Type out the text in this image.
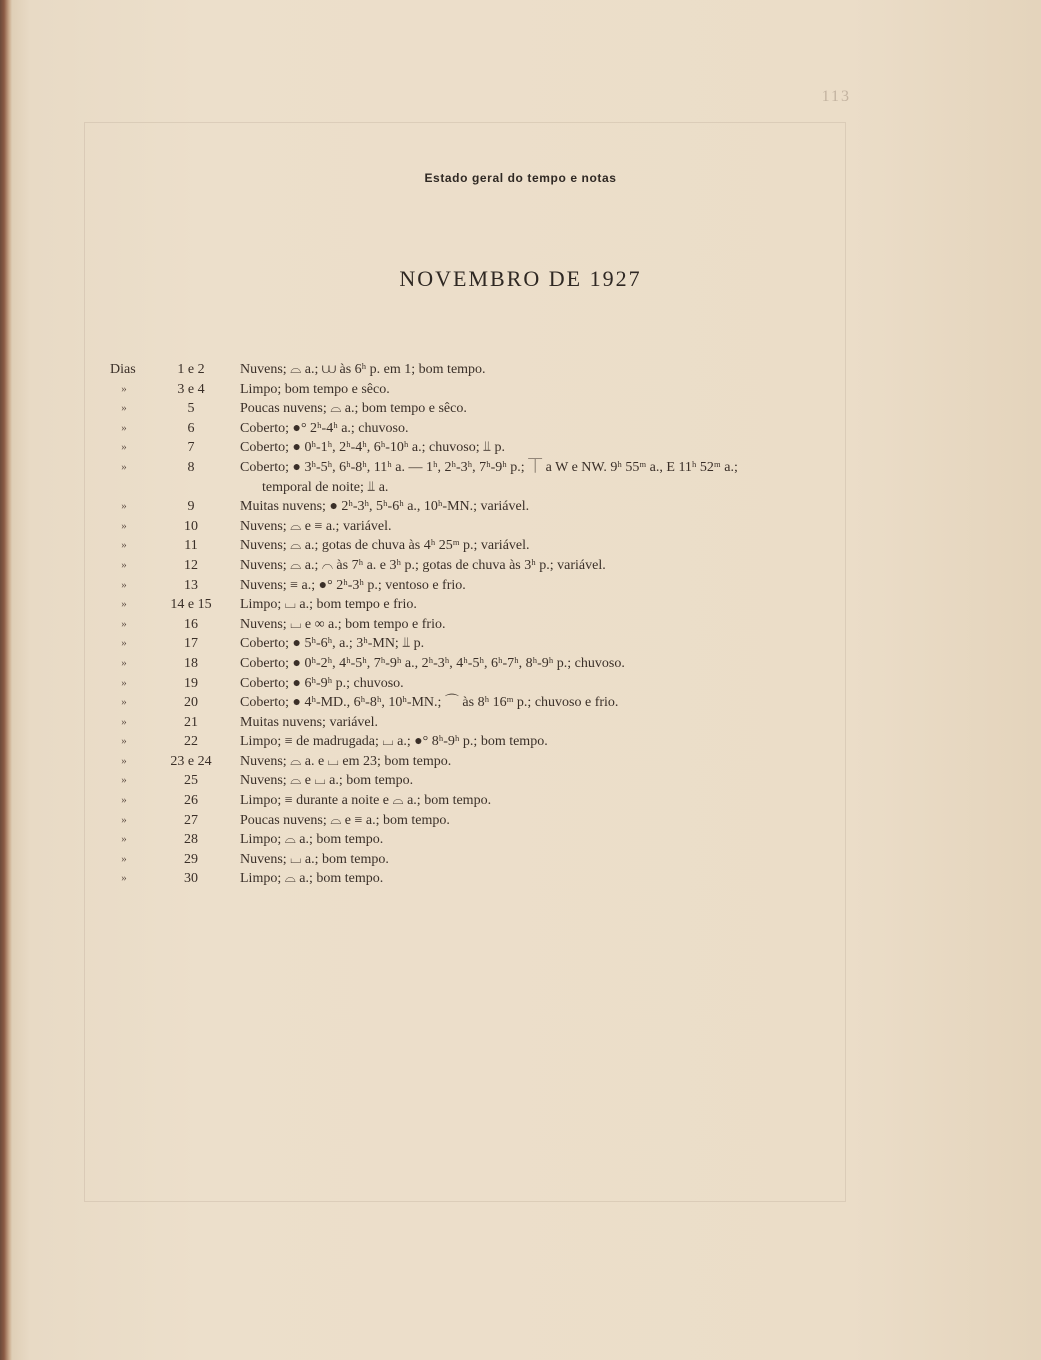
113
Estado geral do tempo e notas
NOVEMBRO DE 1927
Dias	1 e 2	Nuvens; ⌓ a.; ⩊ às 6ʰ p. em 1; bom tempo.
»	3 e 4	Limpo; bom tempo e sêco.
»	5	Poucas nuvens; ⌓ a.; bom tempo e sêco.
»	6	Coberto; ●° 2ʰ-4ʰ a.; chuvoso.
»	7	Coberto; ● 0ʰ-1ʰ, 2ʰ-4ʰ, 6ʰ-10ʰ a.; chuvoso; ⫫ p.
»	8	Coberto; ● 3ʰ-5ʰ, 6ʰ-8ʰ, 11ʰ a. — 1ʰ, 2ʰ-3ʰ, 7ʰ-9ʰ p.; ⏉ a W e NW. 9ʰ 55ᵐ a., E 11ʰ 52ᵐ a.;
temporal de noite; ⫫ a.
»	9	Muitas nuvens; ● 2ʰ-3ʰ, 5ʰ-6ʰ a., 10ʰ-MN.; variável.
»	10	Nuvens; ⌓ e ≡ a.; variável.
»	11	Nuvens; ⌓ a.; gotas de chuva às 4ʰ 25ᵐ p.; variável.
»	12	Nuvens; ⌓ a.; ⌒ às 7ʰ a. e 3ʰ p.; gotas de chuva às 3ʰ p.; variável.
»	13	Nuvens; ≡ a.; ●° 2ʰ-3ʰ p.; ventoso e frio.
»	14 e 15	Limpo; ⌴ a.; bom tempo e frio.
»	16	Nuvens; ⌴ e ∞ a.; bom tempo e frio.
»	17	Coberto; ● 5ʰ-6ʰ, a.; 3ʰ-MN; ⫫ p.
»	18	Coberto; ● 0ʰ-2ʰ, 4ʰ-5ʰ, 7ʰ-9ʰ a., 2ʰ-3ʰ, 4ʰ-5ʰ, 6ʰ-7ʰ, 8ʰ-9ʰ p.; chuvoso.
»	19	Coberto; ● 6ʰ-9ʰ p.; chuvoso.
»	20	Coberto; ● 4ʰ-MD., 6ʰ-8ʰ, 10ʰ-MN.; ⌒ às 8ʰ 16ᵐ p.; chuvoso e frio.
»	21	Muitas nuvens; variável.
»	22	Limpo; ≡ de madrugada; ⌴ a.; ●° 8ʰ-9ʰ p.; bom tempo.
»	23 e 24	Nuvens; ⌓ a. e ⌴ em 23; bom tempo.
»	25	Nuvens; ⌓ e ⌴ a.; bom tempo.
»	26	Limpo; ≡ durante a noite e ⌓ a.; bom tempo.
»	27	Poucas nuvens; ⌓ e ≡ a.; bom tempo.
»	28	Limpo; ⌓ a.; bom tempo.
»	29	Nuvens; ⌴ a.; bom tempo.
»	30	Limpo; ⌓ a.; bom tempo.
